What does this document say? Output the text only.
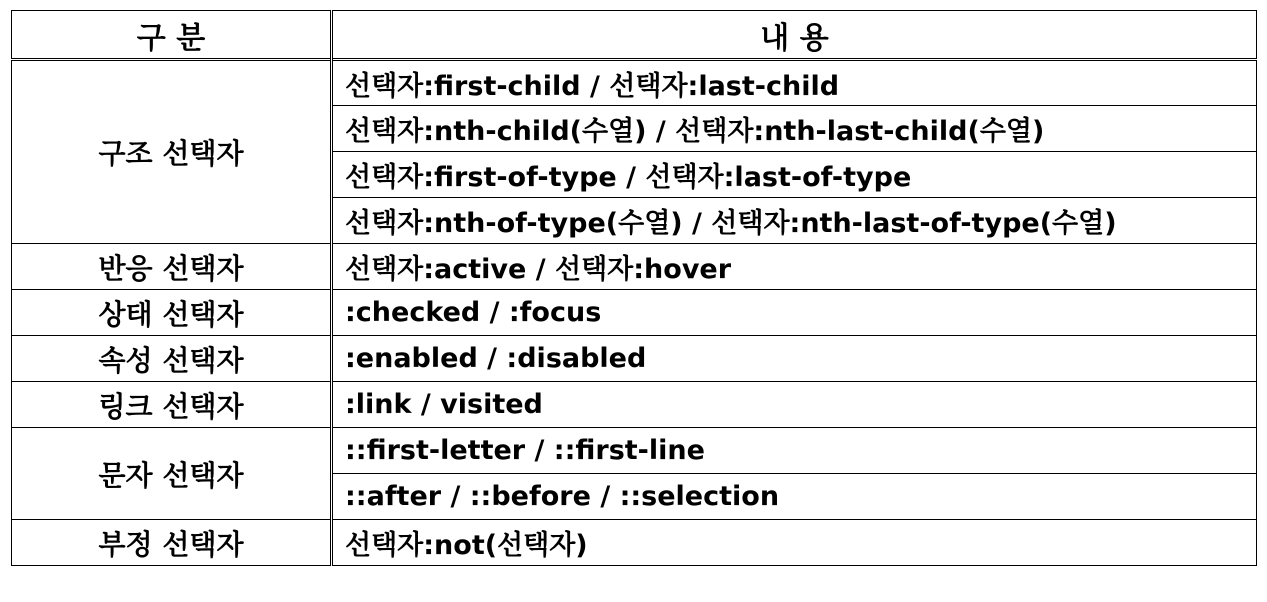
구 분	내 용
구조 선택자	선택자:first-child / 선택자:last-child
	선택자:nth-child(수열) / 선택자:nth-last-child(수열)
	선택자:first-of-type / 선택자:last-of-type
	선택자:nth-of-type(수열) / 선택자:nth-last-of-type(수열)
반응 선택자	선택자:active / 선택자:hover
상태 선택자	:checked / :focus
속성 선택자	:enabled / :disabled
링크 선택자	:link / visited
문자 선택자	::first-letter / ::first-line
	::after / ::before / ::selection
부정 선택자	선택자:not(선택자)
